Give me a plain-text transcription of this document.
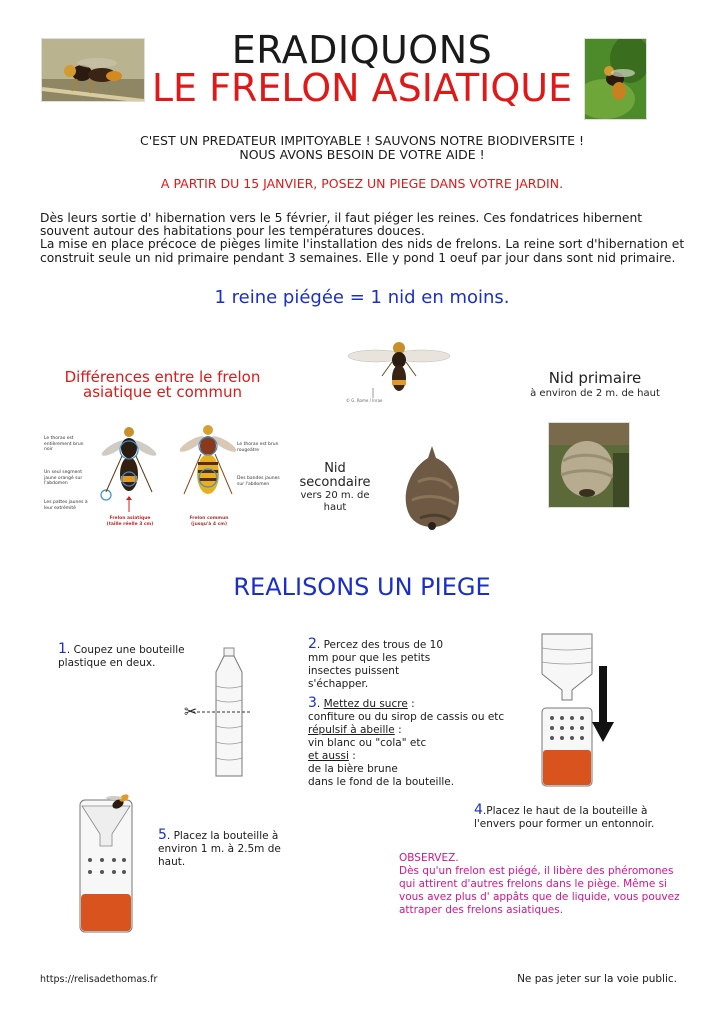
ERADIQUONS
LE FRELON ASIATIQUE
C'EST UN PREDATEUR IMPITOYABLE ! SAUVONS NOTRE BIODIVERSITE !
NOUS AVONS BESOIN DE VOTRE AIDE !
A PARTIR DU 15 JANVIER, POSEZ UN PIEGE DANS VOTRE JARDIN.
Dès leurs sortie d' hibernation vers le 5 février, il faut piéger les reines. Ces fondatrices hibernent souvent autour des habitations pour les températures douces.
La mise en place précoce de pièges limite l'installation des nids de frelons. La reine sort d'hibernation et construit seule un nid primaire pendant 3 semaines. Elle y pond 1 oeuf par jour dans sont nid primaire.
1 reine piégée = 1 nid en moins.
© G. Rome / Inrae
Différences entre le frelon asiatique et commun
Nid primaire
à environ de 2 m. de haut
Le thorax est entièrement brun noir
Un seul segment jaune orangé sur l'abdomen
Les pattes jaunes à leur extrémité
Le thorax est brun rougeâtre
Des bandes jaunes sur l'abdomen
Frelon asiatique (taille réelle 3 cm)
Frelon commun (jusqu'à 4 cm)
Nid secondaire
vers 20 m. de haut
REALISONS UN PIEGE
1. Coupez une bouteille plastique en deux.
✂
2. Percez des trous de 10 mm pour que les petits insectes puissent s'échapper.
3. Mettez du sucre :
confiture ou du sirop de cassis ou etc
répulsif à abeille :
vin blanc ou "cola" etc
et aussi :
de la bière brune
dans le fond de la bouteille.
4.Placez le haut de la bouteille à l'envers pour former un entonnoir.
5. Placez la bouteille à environ 1 m. à 2.5m de haut.	OBSERVEZ.
Dès qu'un frelon est piégé, il libère des phéromones qui attirent d'autres frelons dans le piège. Même si vous avez plus d' appâts que de liquide, vous pouvez attraper des frelons asiatiques.
https://relisadethomas.fr	Ne pas jeter sur la voie public.
